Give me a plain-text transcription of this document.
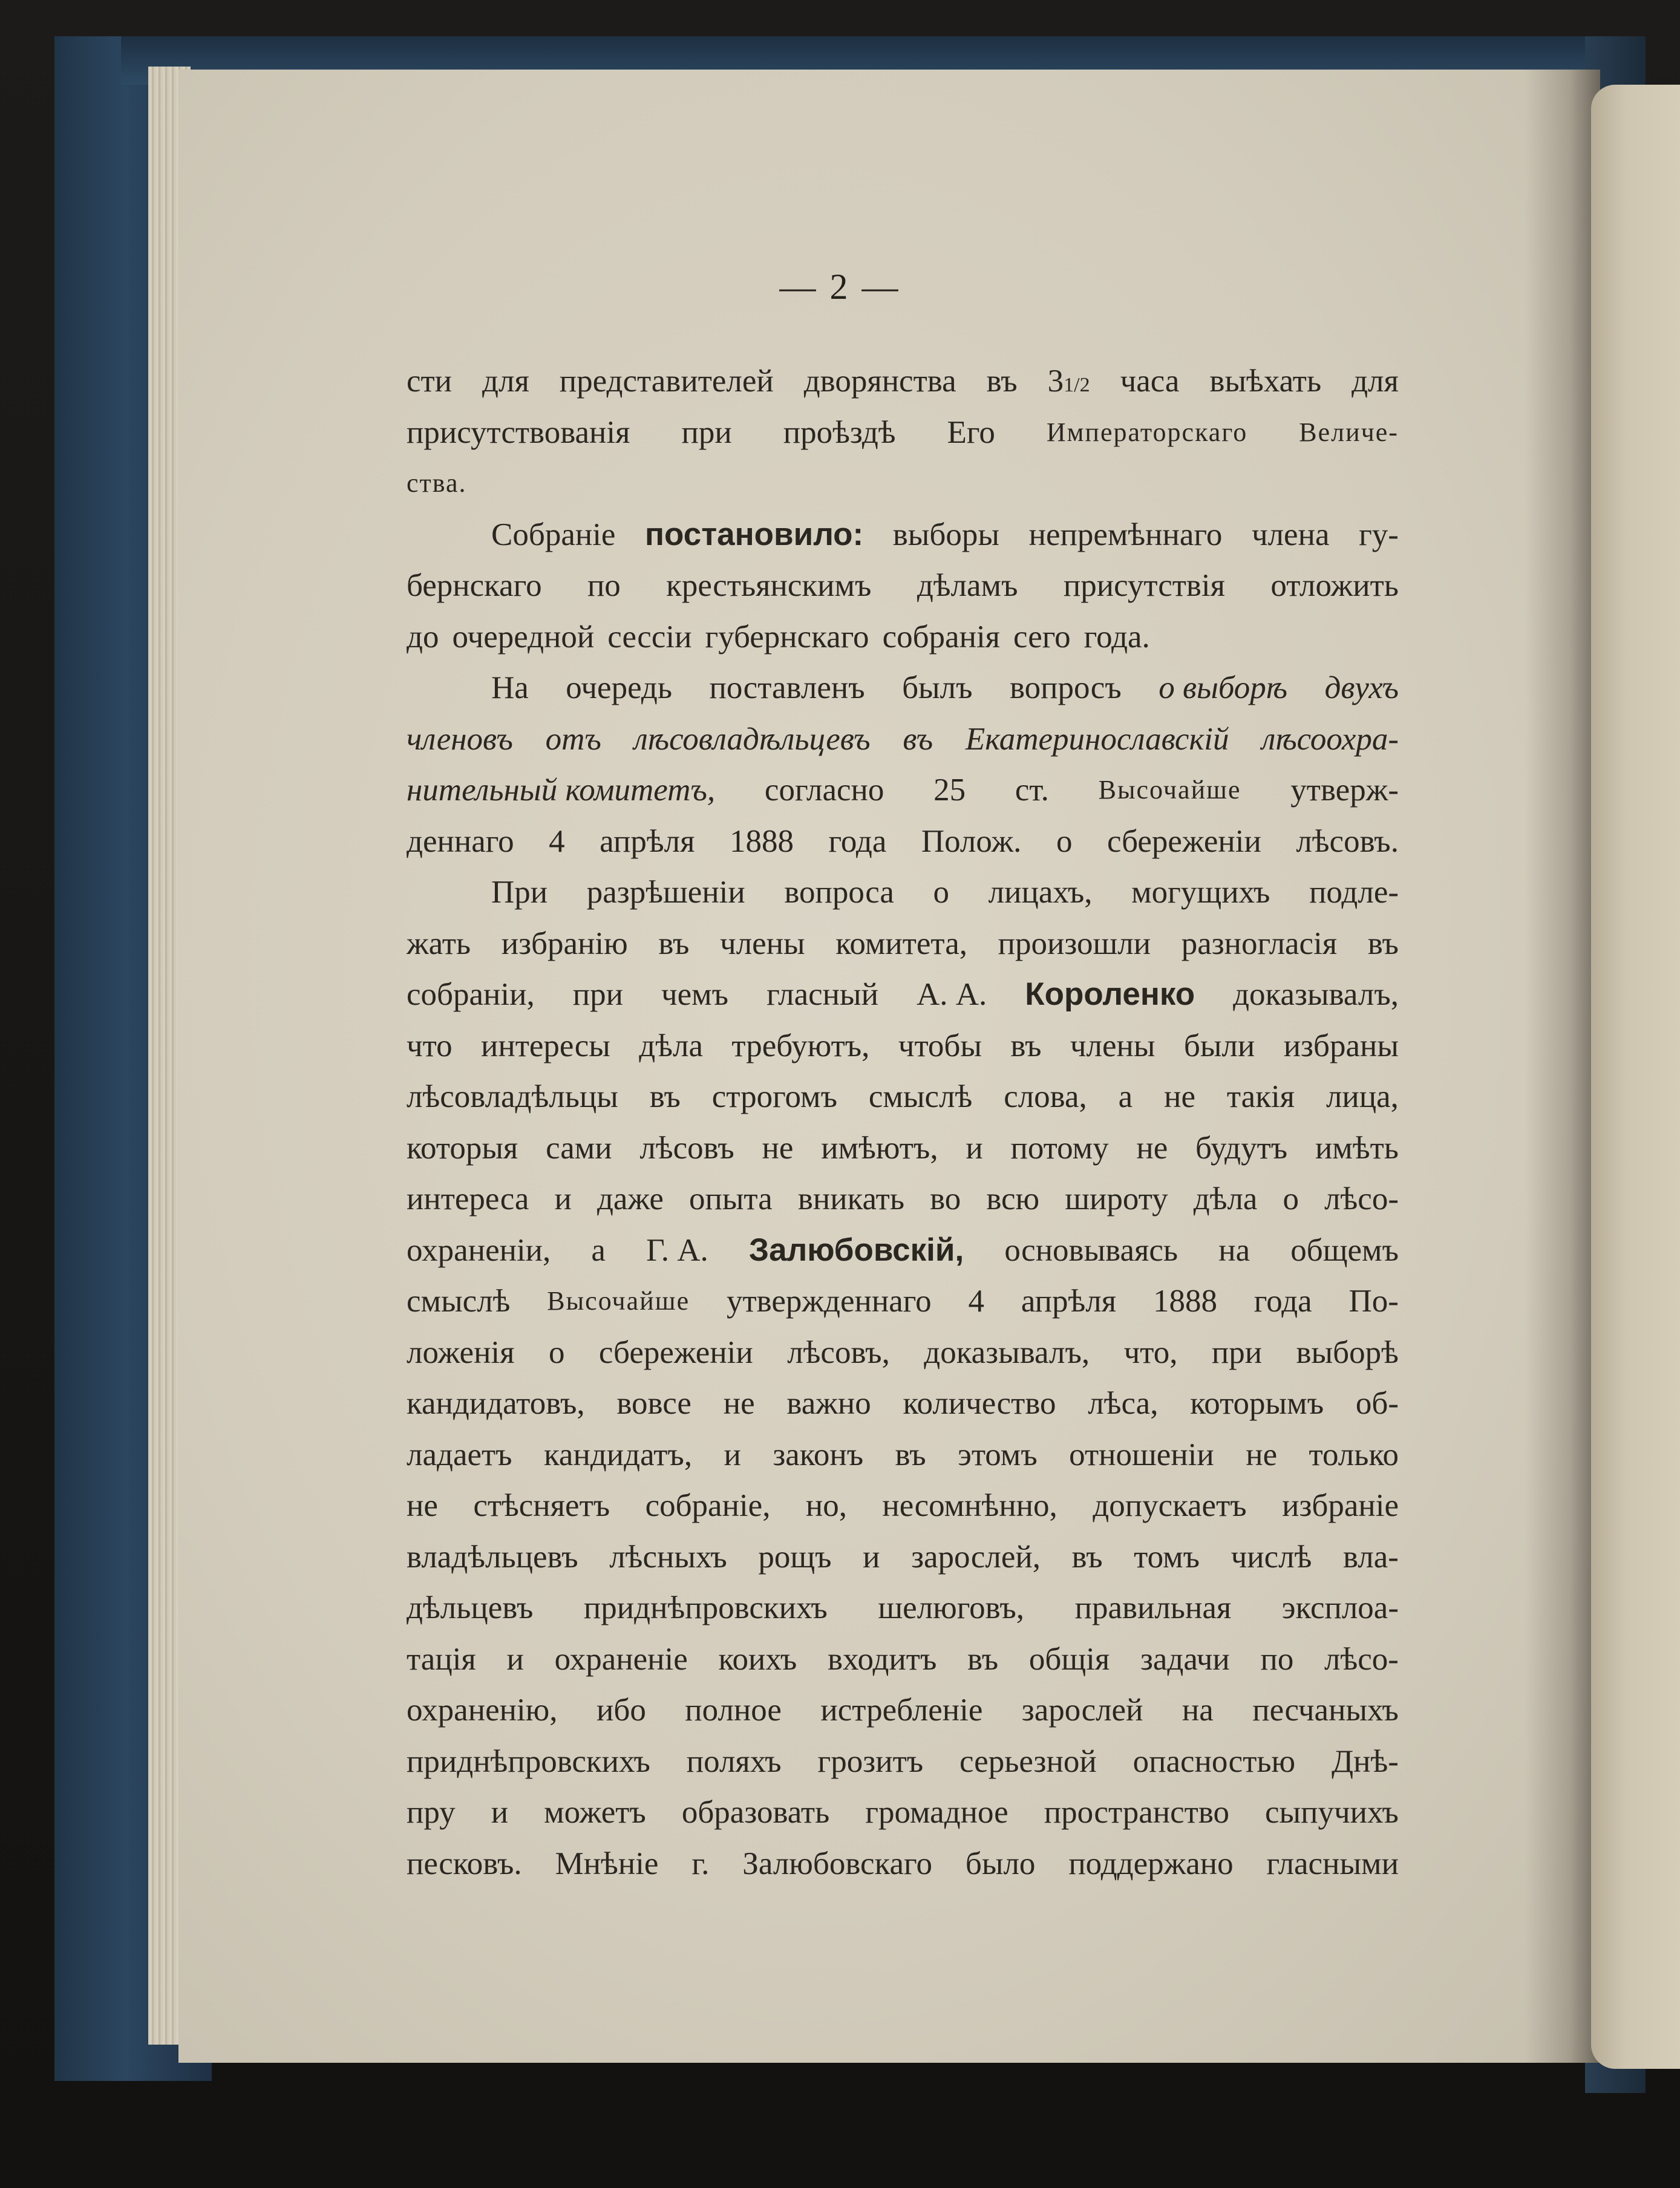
— 2 —
сти для представителей дворянства въ 31/2 часа выѣхать для
присутствованія при проѣздѣ Его Императорскаго Величе-
ства.
Собраніе постановило: выборы непремѣннаго члена гу-
бернскаго по крестьянскимъ дѣламъ присутствія отложить
до очередной сессіи губернскаго собранія сего года.
На очередь поставленъ былъ вопросъ о выборѣ двухъ
членовъ отъ лѣсовладѣльцевъ въ Екатеринославскій лѣсоохра-
нительный комитетъ, согласно 25 ст. Высочайше утверж-
деннаго 4 апрѣля 1888 года Полож. о сбереженіи лѣсовъ.
При разрѣшеніи вопроса о лицахъ, могущихъ подле-
жать избранію въ члены комитета, произошли разногласія въ
собраніи, при чемъ гласный А. А. Короленко доказывалъ,
что интересы дѣла требуютъ, чтобы въ члены были избраны
лѣсовладѣльцы въ строгомъ смыслѣ слова, а не такія лица,
которыя сами лѣсовъ не имѣютъ, и потому не будутъ имѣть
интереса и даже опыта вникать во всю широту дѣла о лѣсо-
охраненіи, а Г. А. Залюбовскій, основываясь на общемъ
смыслѣ Высочайше утвержденнаго 4 апрѣля 1888 года По-
ложенія о сбереженіи лѣсовъ, доказывалъ, что, при выборѣ
кандидатовъ, вовсе не важно количество лѣса, которымъ об-
ладаетъ кандидатъ, и законъ въ этомъ отношеніи не только
не стѣсняетъ собраніе, но, несомнѣнно, допускаетъ избраніе
владѣльцевъ лѣсныхъ рощъ и зарослей, въ томъ числѣ вла-
дѣльцевъ приднѣпровскихъ шелюговъ, правильная эксплоа-
тація и охраненіе коихъ входитъ въ общія задачи по лѣсо-
охраненію, ибо полное истребленіе зарослей на песчаныхъ
приднѣпровскихъ поляхъ грозитъ серьезной опасностью Днѣ-
пру и можетъ образовать громадное пространство сыпучихъ
песковъ. Мнѣніе г. Залюбовскаго было поддержано гласными
